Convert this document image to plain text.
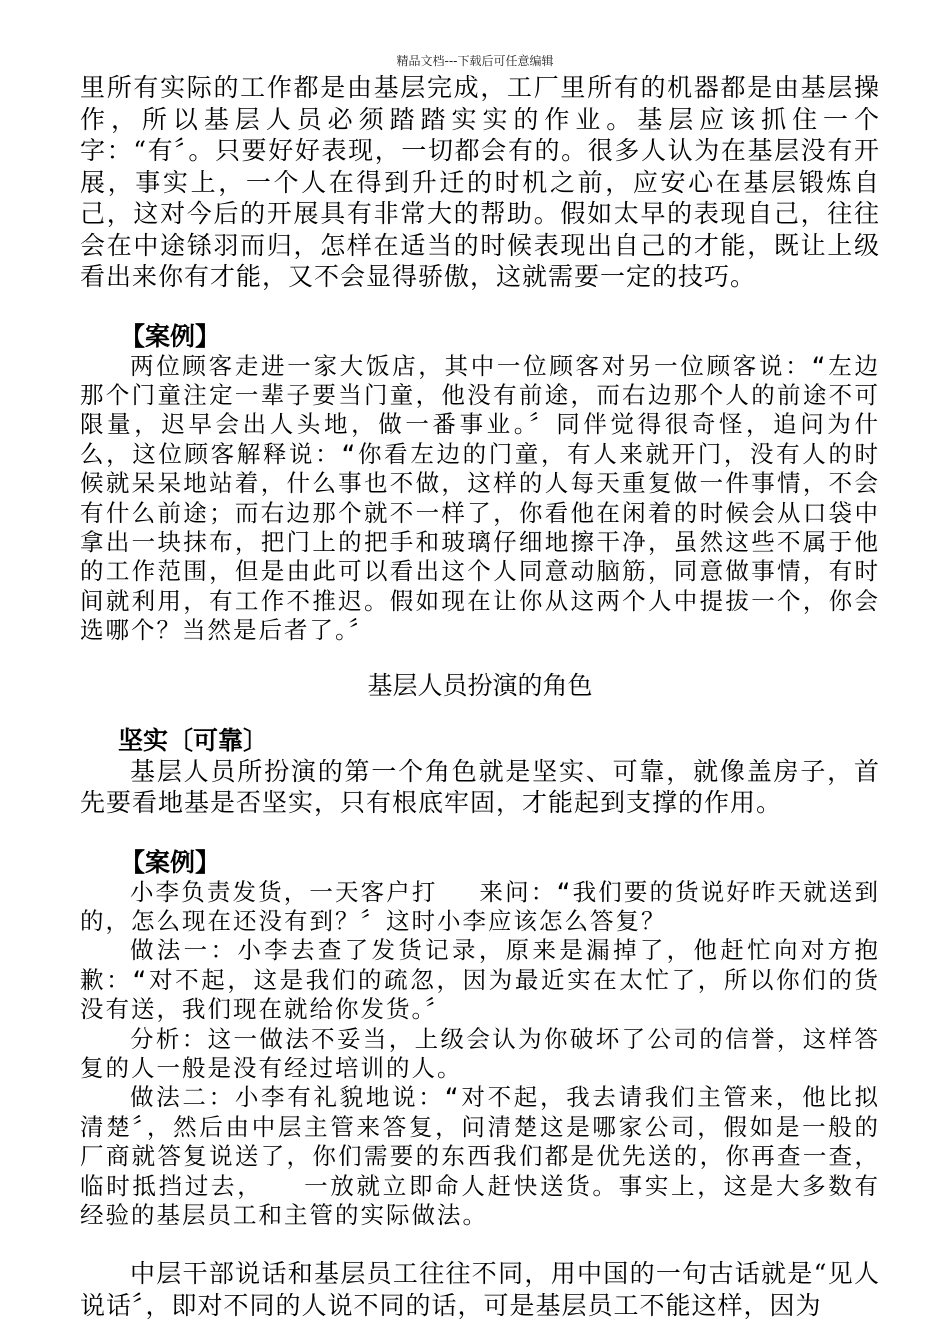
精品文档---下载后可任意编辑

里所有实际的工作都是由基层完成，工厂里所有的机器都是由基层操作，所以基层人员必须踏踏实实的作业。基层应该抓住一个字：“有〞。只要好好表现，一切都会有的。很多人认为在基层没有开展，事实上，一个人在得到升迁的时机之前，应安心在基层锻炼自己，这对今后的开展具有非常大的帮助。假如太早的表现自己，往往会在中途铩羽而归，怎样在适当的时候表现出自己的才能，既让上级看出来你有才能，又不会显得骄傲，这就需要一定的技巧。

【案例】

两位顾客走进一家大饭店，其中一位顾客对另一位顾客说：“左边那个门童注定一辈子要当门童，他没有前途，而右边那个人的前途不可限量，迟早会出人头地，做一番事业。〞同伴觉得很奇怪，追问为什么，这位顾客解释说：“你看左边的门童，有人来就开门，没有人的时候就呆呆地站着，什么事也不做，这样的人每天重复做一件事情，不会有什么前途；而右边那个就不一样了，你看他在闲着的时候会从口袋中拿出一块抹布，把门上的把手和玻璃仔细地擦干净，虽然这些不属于他的工作范围，但是由此可以看出这个人同意动脑筋，同意做事情，有时间就利用，有工作不推迟。假如现在让你从这两个人中提拔一个，你会选哪个？当然是后者了。〞

基层人员扮演的角色

坚实〔可靠〕

基层人员所扮演的第一个角色就是坚实、可靠，就像盖房子，首先要看地基是否坚实，只有根底牢固，才能起到支撑的作用。

【案例】

小李负责发货，一天客户打　 来问：“我们要的货说好昨天就送到的，怎么现在还没有到？〞这时小李应该怎么答复？

做法一：小李去查了发货记录，原来是漏掉了，他赶忙向对方抱歉：“对不起，这是我们的疏忽，因为最近实在太忙了，所以你们的货没有送，我们现在就给你发货。〞

分析：这一做法不妥当，上级会认为你破坏了公司的信誉，这样答复的人一般是没有经过培训的人。

做法二：小李有礼貌地说：“对不起，我去请我们主管来，他比拟清楚〞，然后由中层主管来答复，问清楚这是哪家公司，假如是一般的厂商就答复说送了，你们需要的东西我们都是优先送的，你再查一查，临时抵挡过去，　　一放就立即命人赶快送货。事实上，这是大多数有经验的基层员工和主管的实际做法。

中层干部说话和基层员工往往不同，用中国的一句古话就是“见人说话〞，即对不同的人说不同的话，可是基层员工不能这样，因为
